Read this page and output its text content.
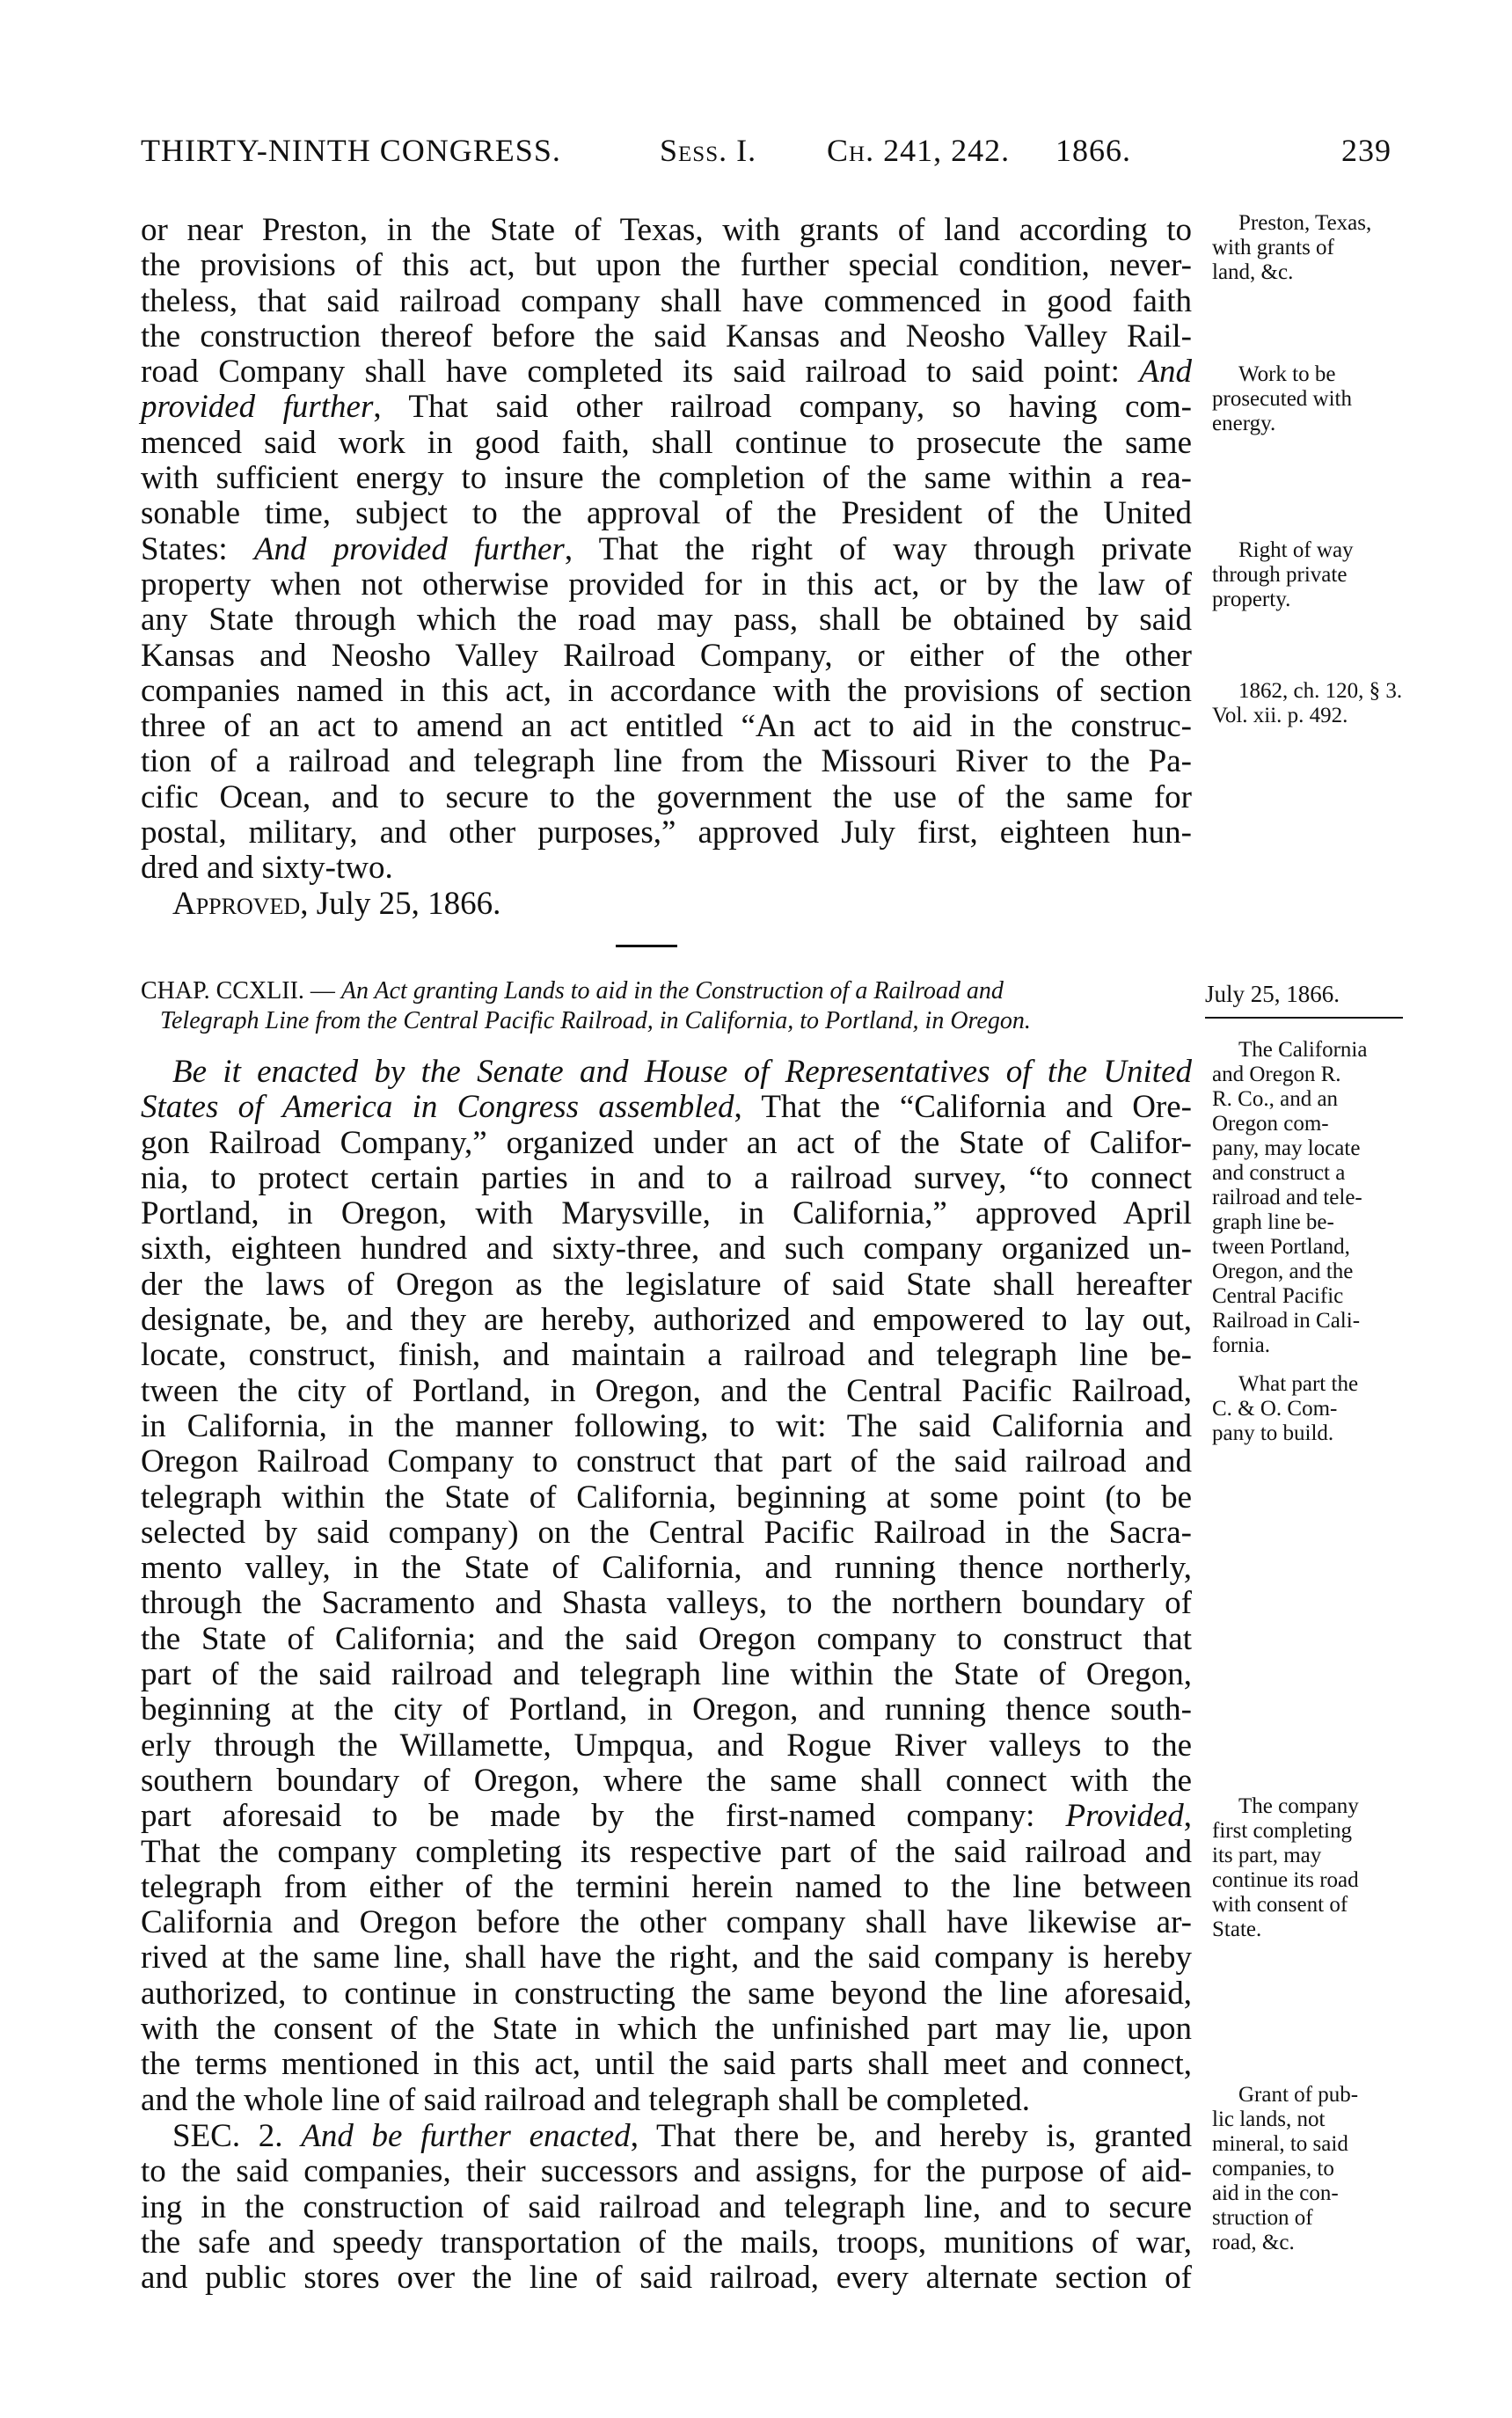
THIRTY-NINTH CONGRESS.	Sess. I. Ch. 241, 242. 1866.	239
or near Preston, in the State of Texas, with grants of land according to
the provisions of this act, but upon the further special condition, never-
theless, that said railroad company shall have commenced in good faith
the construction thereof before the said Kansas and Neosho Valley Rail-
road Company shall have completed its said railroad to said point: And
provided further, That said other railroad company, so having com-
menced said work in good faith, shall continue to prosecute the same
with sufficient energy to insure the completion of the same within a rea-
sonable time, subject to the approval of the President of the United
States: And provided further, That the right of way through private
property when not otherwise provided for in this act, or by the law of
any State through which the road may pass, shall be obtained by said
Kansas and Neosho Valley Railroad Company, or either of the other
companies named in this act, in accordance with the provisions of section
three of an act to amend an act entitled “An act to aid in the construc-
tion of a railroad and telegraph line from the Missouri River to the Pa-
cific Ocean, and to secure to the government the use of the same for
postal, military, and other purposes,” approved July first, eighteen hun-
dred and sixty-two.
Approved, July 25, 1866.
CHAP. CCXLII. — An Act granting Lands to aid in the Construction of a Railroad and
Telegraph Line from the Central Pacific Railroad, in California, to Portland, in Oregon.
July 25, 1866.
Be it enacted by the Senate and House of Representatives of the United
States of America in Congress assembled, That the “California and Ore-
gon Railroad Company,” organized under an act of the State of Califor-
nia, to protect certain parties in and to a railroad survey, “to connect
Portland, in Oregon, with Marysville, in California,” approved April
sixth, eighteen hundred and sixty-three, and such company organized un-
der the laws of Oregon as the legislature of said State shall hereafter
designate, be, and they are hereby, authorized and empowered to lay out,
locate, construct, finish, and maintain a railroad and telegraph line be-
tween the city of Portland, in Oregon, and the Central Pacific Railroad,
in California, in the manner following, to wit: The said California and
Oregon Railroad Company to construct that part of the said railroad and
telegraph within the State of California, beginning at some point (to be
selected by said company) on the Central Pacific Railroad in the Sacra-
mento valley, in the State of California, and running thence northerly,
through the Sacramento and Shasta valleys, to the northern boundary of
the State of California; and the said Oregon company to construct that
part of the said railroad and telegraph line within the State of Oregon,
beginning at the city of Portland, in Oregon, and running thence south-
erly through the Willamette, Umpqua, and Rogue River valleys to the
southern boundary of Oregon, where the same shall connect with the
part aforesaid to be made by the first-named company: Provided,
That the company completing its respective part of the said railroad and
telegraph from either of the termini herein named to the line between
California and Oregon before the other company shall have likewise ar-
rived at the same line, shall have the right, and the said company is hereby
authorized, to continue in constructing the same beyond the line aforesaid,
with the consent of the State in which the unfinished part may lie, upon
the terms mentioned in this act, until the said parts shall meet and connect,
and the whole line of said railroad and telegraph shall be completed.
SEC. 2. And be further enacted, That there be, and hereby is, granted
to the said companies, their successors and assigns, for the purpose of aid-
ing in the construction of said railroad and telegraph line, and to secure
the safe and speedy transportation of the mails, troops, munitions of war,
and public stores over the line of said railroad, every alternate section of
Preston, Texas,
with grants of
land, &c.
Work to be
prosecuted with
energy.
Right of way
through private
property.
1862, ch. 120, § 3.
Vol. xii. p. 492.
The California
and Oregon R.
R. Co., and an
Oregon com-
pany, may locate
and construct a
railroad and tele-
graph line be-
tween Portland,
Oregon, and the
Central Pacific
Railroad in Cali-
fornia.
What part the
C. & O. Com-
pany to build.
The company
first completing
its part, may
continue its road
with consent of
State.
Grant of pub-
lic lands, not
mineral, to said
companies, to
aid in the con-
struction of
road, &c.
